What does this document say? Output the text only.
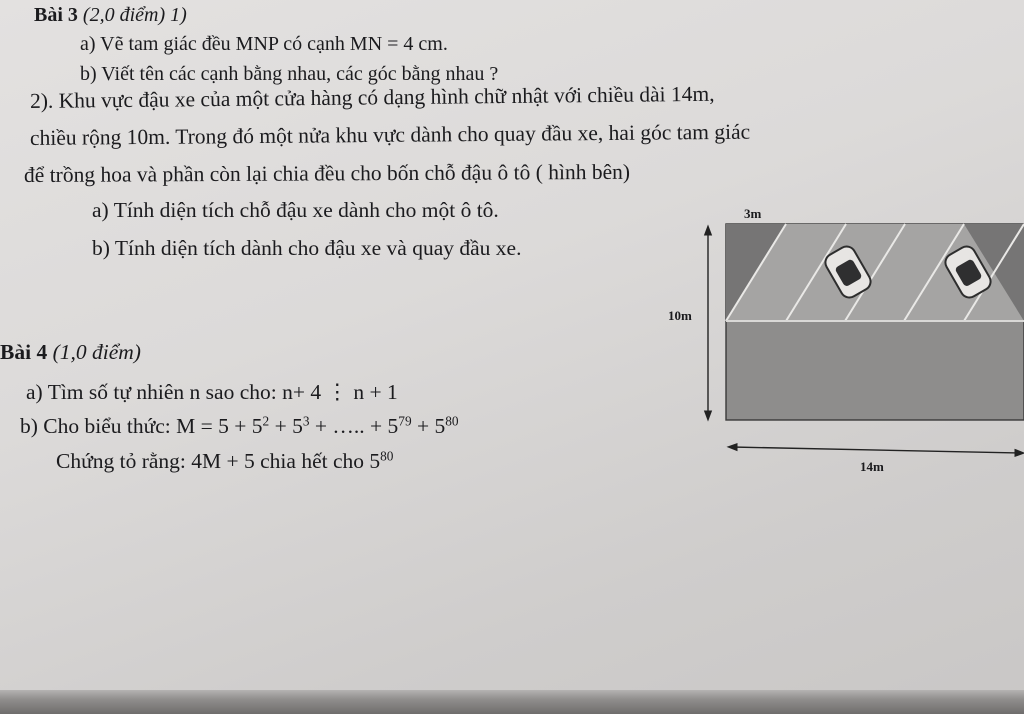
Bài 3 (2,0 điểm) 1)
a) Vẽ tam giác đều MNP có cạnh MN = 4 cm.
b) Viết tên các cạnh bằng nhau, các góc bằng nhau ?
2). Khu vực đậu xe của một cửa hàng có dạng hình chữ nhật với chiều dài 14m,
chiều rộng 10m. Trong đó một nửa khu vực dành cho quay đầu xe, hai góc tam giác
để trồng hoa và phần còn lại chia đều cho bốn chỗ đậu ô tô ( hình bên)
a) Tính diện tích chỗ đậu xe dành cho một ô tô.
b) Tính diện tích dành cho đậu xe và quay đầu xe.
Bài 4 (1,0 điểm)
a) Tìm số tự nhiên n sao cho: n+ 4 ⋮ n + 1
b) Cho biểu thức: $M = 5 + 5^2 + 5^3$ + ….. + $5^{79} + 5^{80}$
Chứng tỏ rằng: 4M + 5 chia hết cho $5^{80}$
3m
10m
14m
